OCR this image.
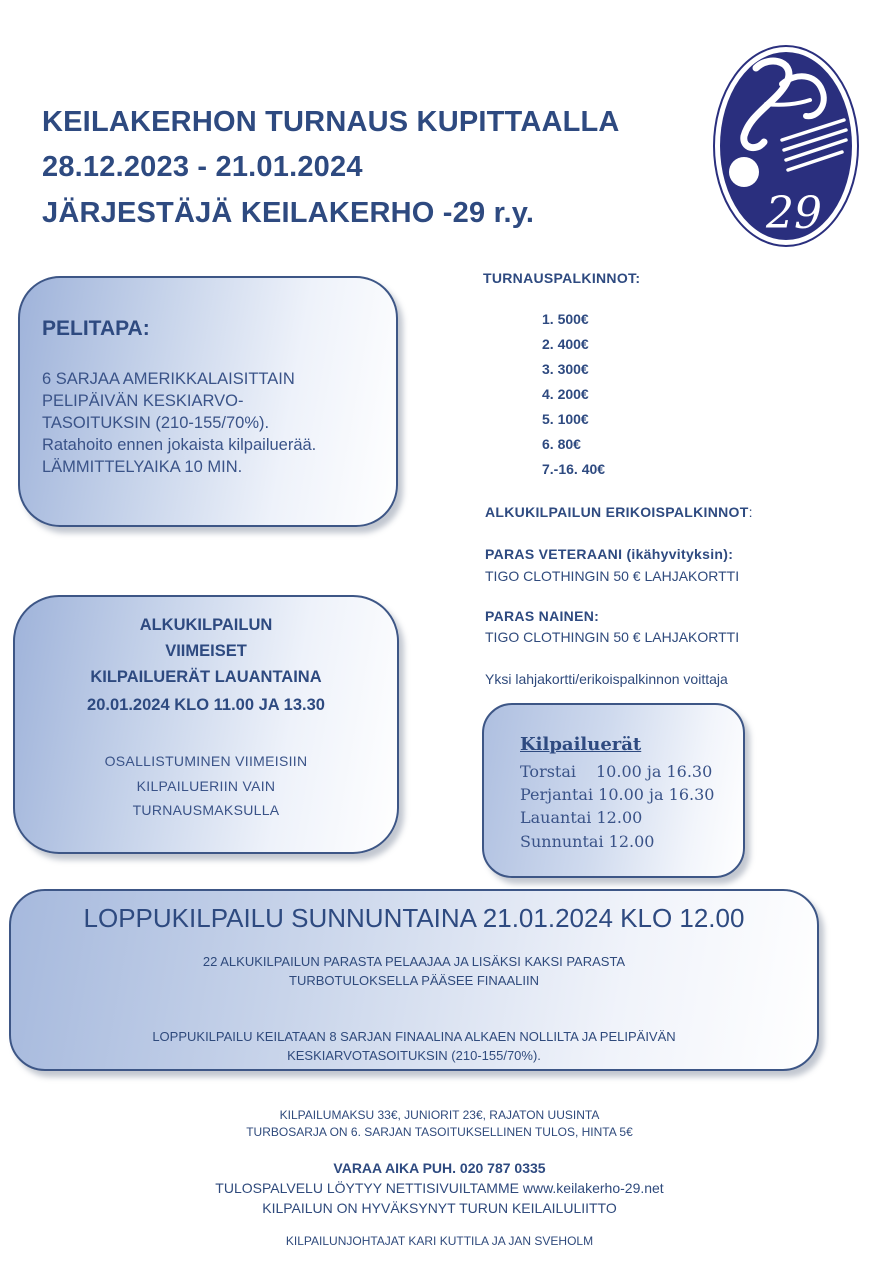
KEILAKERHON TURNAUS KUPITTAALLA
28.12.2023 - 21.01.2024
JÄRJESTÄJÄ KEILAKERHO -29 r.y.	29
PELITAPA:
6 SARJAA AMERIKKALAISITTAIN
PELIPÄIVÄN KESKIARVO-
TASOITUKSIN (210-155/70%).
Ratahoito ennen jokaista kilpailuerää.
LÄMMITTELYAIKA 10 MIN.
ALKUKILPAILUN
VIIMEISET
KILPAILUERÄT LAUANTAINA
20.01.2024 KLO 11.00 JA 13.30
OSALLISTUMINEN VIIMEISIIN
KILPAILUERIIN VAIN
TURNAUSMAKSULLA
TURNAUSPALKINNOT:
1. 500€
2. 400€
3. 300€
4. 200€
5. 100€
6. 80€
7.-16. 40€
ALKUKILPAILUN ERIKOISPALKINNOT:
PARAS VETERAANI (ikähyvityksin):
TIGO CLOTHINGIN 50 € LAHJAKORTTI
PARAS NAINEN:
TIGO CLOTHINGIN 50 € LAHJAKORTTI
Yksi lahjakortti/erikoispalkinnon voittaja
Kilpailuerät
Torstai 10.00 ja 16.30
Perjantai 10.00 ja 16.30
Lauantai 12.00
Sunnuntai 12.00
LOPPUKILPAILU SUNNUNTAINA 21.01.2024 KLO 12.00
22 ALKUKILPAILUN PARASTA PELAAJAA JA LISÄKSI KAKSI PARASTA
TURBOTULOKSELLA PÄÄSEE FINAALIIN
LOPPUKILPAILU KEILATAAN 8 SARJAN FINAALINA ALKAEN NOLLILTA JA PELIPÄIVÄN
KESKIARVOTASOITUKSIN (210-155/70%).
KILPAILUMAKSU 33€, JUNIORIT 23€, RAJATON UUSINTA
TURBOSARJA ON 6. SARJAN TASOITUKSELLINEN TULOS, HINTA 5€
VARAA AIKA PUH. 020 787 0335
TULOSPALVELU LÖYTYY NETTISIVUILTAMME www.keilakerho-29.net
KILPAILUN ON HYVÄKSYNYT TURUN KEILAILULIITTO
KILPAILUNJOHTAJAT KARI KUTTILA JA JAN SVEHOLM
